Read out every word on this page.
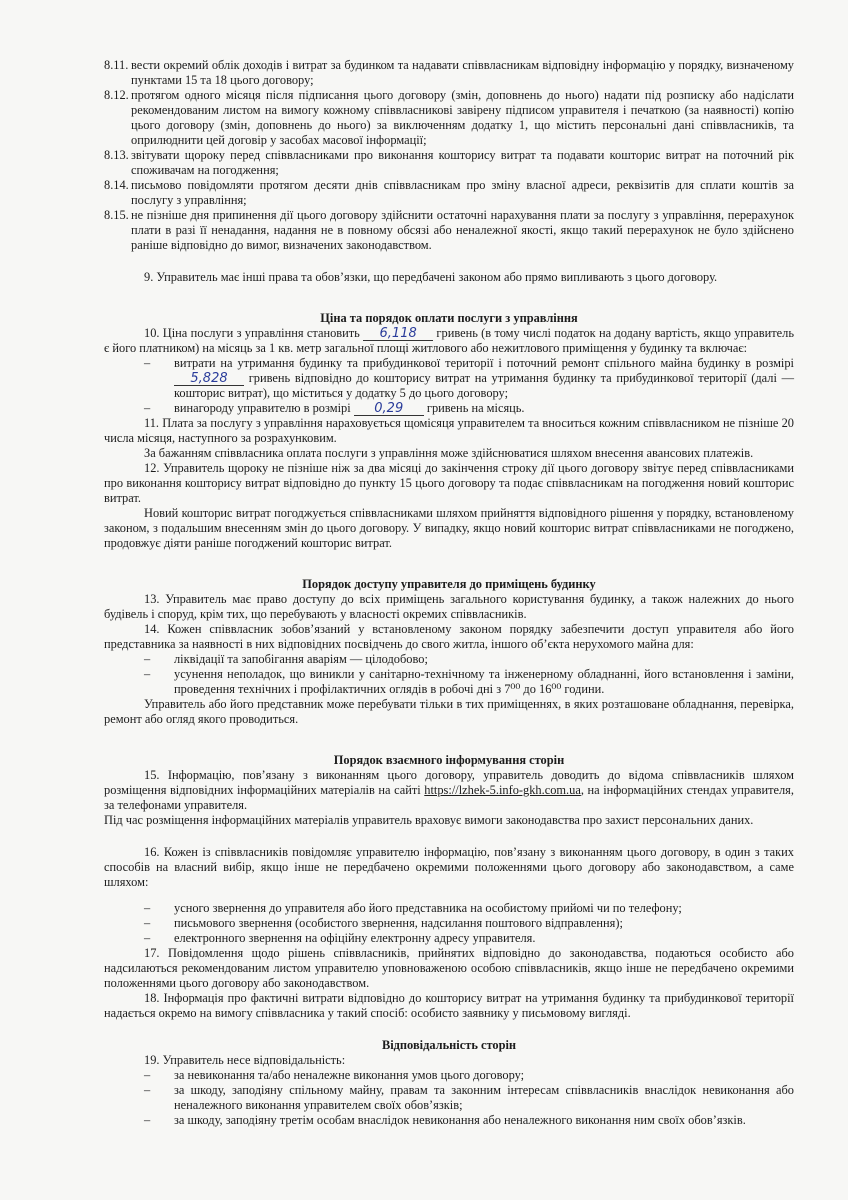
8.11. вести окремий облік доходів і витрат за будинком та надавати співвласникам відповідну інформацію у порядку, визначеному пунктами 15 та 18 цього договору;
8.12. протягом одного місяця після підписання цього договору (змін, доповнень до нього) надати під розписку або надіслати рекомендованим листом на вимогу кожному співвласникові завірену підписом управителя і печаткою (за наявності) копію цього договору (змін, доповнень до нього) за виключенням додатку 1, що містить персональні дані співвласників, та оприлюднити цей договір у засобах масової інформації;
8.13. звітувати щороку перед співвласниками про виконання кошторису витрат та подавати кошторис витрат на поточний рік споживачам на погодження;
8.14. письмово повідомляти протягом десяти днів співвласникам про зміну власної адреси, реквізитів для сплати коштів за послугу з управління;
8.15. не пізніше дня припинення дії цього договору здійснити остаточні нарахування плати за послугу з управління, перерахунок плати в разі її ненадання, надання не в повному обсязі або неналежної якості, якщо такий перерахунок не було здійснено раніше відповідно до вимог, визначених законодавством.
9. Управитель має інші права та обов’язки, що передбачені законом або прямо випливають з цього договору.
Ціна та порядок оплати послуги з управління
10. Ціна послуги з управління становить 6,118 гривень (в тому числі податок на додану вартість, якщо управитель є його платником) на місяць за 1 кв. метр загальної площі житлового або нежитлового приміщення у будинку та включає:
– витрати на утримання будинку та прибудинкової території і поточний ремонт спільного майна будинку в розмірі 5,828 гривень відповідно до кошторису витрат на утримання будинку та прибудинкової території (далі — кошторис витрат), що міститься у додатку 5 до цього договору;
– винагороду управителю в розмірі 0,29 гривень на місяць.
11. Плата за послугу з управління нараховується щомісяця управителем та вноситься кожним співвласником не пізніше 20 числа місяця, наступного за розрахунковим.
За бажанням співвласника оплата послуги з управління може здійснюватися шляхом внесення авансових платежів.
12. Управитель щороку не пізніше ніж за два місяці до закінчення строку дії цього договору звітує перед співвласниками про виконання кошторису витрат відповідно до пункту 15 цього договору та подає співвласникам на погодження новий кошторис витрат.
Новий кошторис витрат погоджується співвласниками шляхом прийняття відповідного рішення у порядку, встановленому законом, з подальшим внесенням змін до цього договору. У випадку, якщо новий кошторис витрат співвласниками не погоджено, продовжує діяти раніше погоджений кошторис витрат.
Порядок доступу управителя до приміщень будинку
13. Управитель має право доступу до всіх приміщень загального користування будинку, а також належних до нього будівель і споруд, крім тих, що перебувають у власності окремих співвласників.
14. Кожен співвласник зобов’язаний у встановленому законом порядку забезпечити доступ управителя або його представника за наявності в них відповідних посвідчень до свого житла, іншого об’єкта нерухомого майна для:
– ліквідації та запобігання аваріям — цілодобово;
– усунення неполадок, що виникли у санітарно-технічному та інженерному обладнанні, його встановлення і заміни, проведення технічних і профілактичних оглядів в робочі дні з 7⁰⁰ до 16⁰⁰ години.
Управитель або його представник може перебувати тільки в тих приміщеннях, в яких розташоване обладнання, перевірка, ремонт або огляд якого проводиться.
Порядок взаємного інформування сторін
15. Інформацію, пов’язану з виконанням цього договору, управитель доводить до відома співвласників шляхом розміщення відповідних інформаційних матеріалів на сайті https://lzhek-5.info-gkh.com.ua, на інформаційних стендах управителя, за телефонами управителя.
Під час розміщення інформаційних матеріалів управитель враховує вимоги законодавства про захист персональних даних.
16. Кожен із співвласників повідомляє управителю інформацію, пов’язану з виконанням цього договору, в один з таких способів на власний вибір, якщо інше не передбачено окремими положеннями цього договору або законодавством, а саме шляхом:
– усного звернення до управителя або його представника на особистому прийомі чи по телефону;
– письмового звернення (особистого звернення, надсилання поштового відправлення);
– електронного звернення на офіційну електронну адресу управителя.
17. Повідомлення щодо рішень співвласників, прийнятих відповідно до законодавства, подаються особисто або надсилаються рекомендованим листом управителю уповноваженою особою співвласників, якщо інше не передбачено окремими положеннями цього договору або законодавством.
18. Інформація про фактичні витрати відповідно до кошторису витрат на утримання будинку та прибудинкової території надається окремо на вимогу співвласника у такий спосіб: особисто заявнику у письмовому вигляді.
Відповідальність сторін
19. Управитель несе відповідальність:
– за невиконання та/або неналежне виконання умов цього договору;
– за шкоду, заподіяну спільному майну, правам та законним інтересам співвласників внаслідок невиконання або неналежного виконання управителем своїх обов’язків;
– за шкоду, заподіяну третім особам внаслідок невиконання або неналежного виконання ним своїх обов’язків.
